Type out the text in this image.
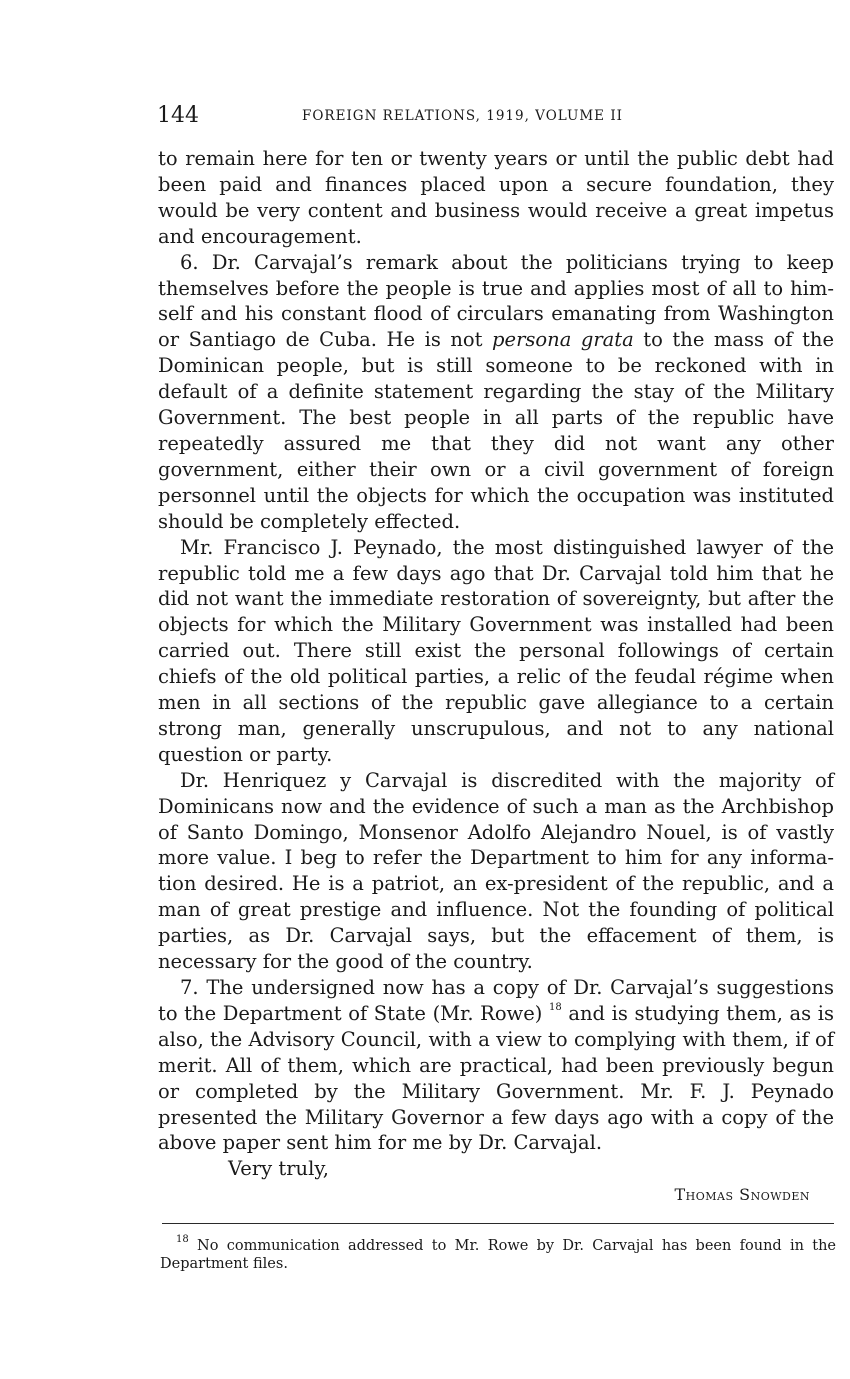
144	FOREIGN RELATIONS, 1919, VOLUME II

to remain here for ten or twenty years or until the public debt had been paid and finances placed upon a secure foundation, they would be very content and business would receive a great impetus and encouragement.

6. Dr. Carvajal’s remark about the politicians trying to keep themselves before the people is true and applies most of all to himself and his constant flood of circulars emanating from Washington or Santiago de Cuba. He is not persona grata to the mass of the Dominican people, but is still someone to be reckoned with in default of a definite statement regarding the stay of the Military Government. The best people in all parts of the republic have repeatedly assured me that they did not want any other government, either their own or a civil government of foreign personnel until the objects for which the occupation was instituted should be completely effected.

Mr. Francisco J. Peynado, the most distinguished lawyer of the republic told me a few days ago that Dr. Carvajal told him that he did not want the immediate restoration of sovereignty, but after the objects for which the Military Government was installed had been carried out. There still exist the personal followings of certain chiefs of the old political parties, a relic of the feudal régime when men in all sections of the republic gave allegiance to a certain strong man, generally unscrupulous, and not to any national question or party.

Dr. Henriquez y Carvajal is discredited with the majority of Dominicans now and the evidence of such a man as the Archbishop of Santo Domingo, Monsenor Adolfo Alejandro Nouel, is of vastly more value. I beg to refer the Department to him for any information desired. He is a patriot, an ex-president of the republic, and a man of great prestige and influence. Not the founding of political parties, as Dr. Carvajal says, but the effacement of them, is necessary for the good of the country.

7. The undersigned now has a copy of Dr. Carvajal’s suggestions to the Department of State (Mr. Rowe) $^{18}$ and is studying them, as is also, the Advisory Council, with a view to complying with them, if of merit. All of them, which are practical, had been previously begun or completed by the Military Government. Mr. F. J. Peynado presented the Military Governor a few days ago with a copy of the above paper sent him for me by Dr. Carvajal.

Very truly,

Thomas Snowden

$^{18}$ No communication addressed to Mr. Rowe by Dr. Carvajal has been found in the Department files.
